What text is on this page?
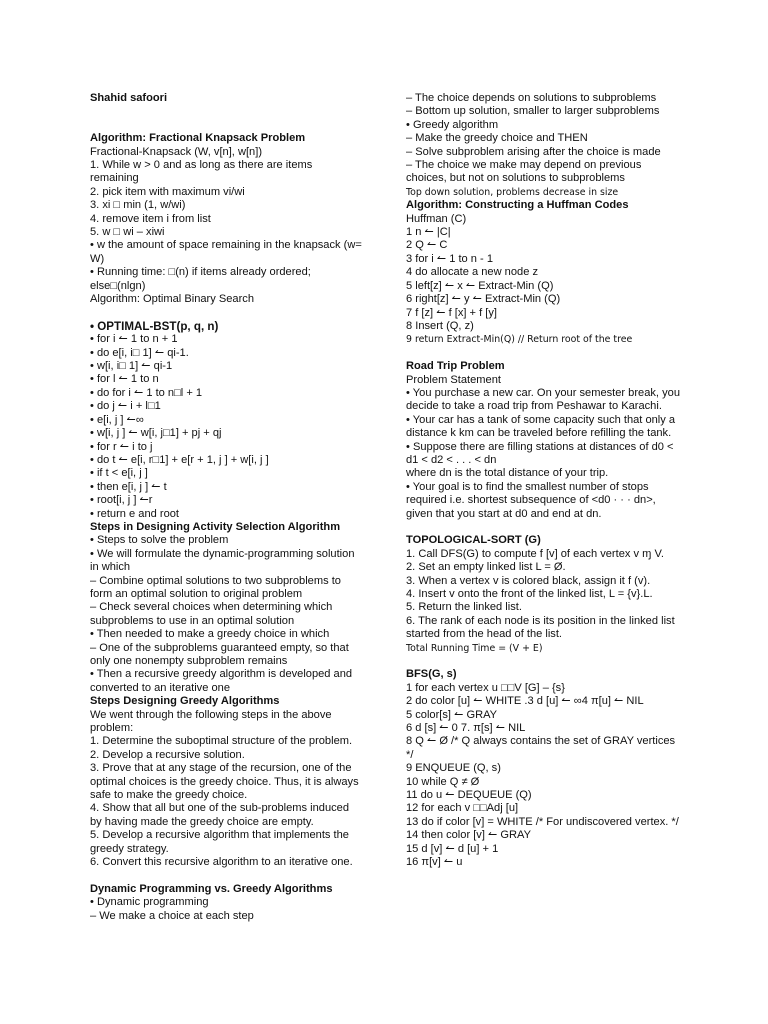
Shahid safoori

Algorithm: Fractional Knapsack Problem

Fractional-Knapsack (W, v[n], w[n])

1. While w > 0 and as long as there are items remaining

2. pick item with maximum vi/wi

3. xi □ min (1, w/wi)

4. remove item i from list

5. w □ wi – xiwi

• w the amount of space remaining in the knapsack (w= W)

• Running time: □(n) if items already ordered; else□(nlgn)

Algorithm: Optimal Binary Search

• OPTIMAL-BST(p, q, n)

• for i ↼ 1 to n + 1

• do e[i, i□ 1] ↼ qi-1.

• w[i, i□ 1] ↼ qi-1

• for l ↼ 1 to n

• do for i ↼ 1 to n□l + 1

• do j ↼ i + l□1

• e[i, j ] ↼∞

• w[i, j ] ↼ w[i, j□1] + pj + qj

• for r ↼ i to j

• do t ↼ e[i, r□1] + e[r + 1, j ] + w[i, j ]

• if t < e[i, j ]

• then e[i, j ] ↼ t

• root[i, j ] ↼r

• return e and root

Steps in Designing Activity Selection Algorithm

• Steps to solve the problem

• We will formulate the dynamic-programming solution in which

– Combine optimal solutions to two subproblems to form an optimal solution to original problem

– Check several choices when determining which subproblems to use in an optimal solution

• Then needed to make a greedy choice in which

– One of the subproblems guaranteed empty, so that only one nonempty subproblem remains

• Then a recursive greedy algorithm is developed and converted to an iterative one

Steps Designing Greedy Algorithms

We went through the following steps in the above problem:

1. Determine the suboptimal structure of the problem.

2. Develop a recursive solution.

3. Prove that at any stage of the recursion, one of the optimal choices is the greedy choice. Thus, it is always safe to make the greedy choice.

4. Show that all but one of the sub-problems induced by having made the greedy choice are empty.

5. Develop a recursive algorithm that implements the greedy strategy.

6. Convert this recursive algorithm to an iterative one.

Dynamic Programming vs. Greedy Algorithms

• Dynamic programming

– We make a choice at each step

– The choice depends on solutions to subproblems

– Bottom up solution, smaller to larger subproblems

• Greedy algorithm

– Make the greedy choice and THEN

– Solve subproblem arising after the choice is made

– The choice we make may depend on previous choices, but not on solutions to subproblems

Top down solution, problems decrease in size

Algorithm: Constructing a Huffman Codes

Huffman (C)

1 n ↼ |C|

2 Q ↼ C

3 for i ↼ 1 to n - 1

4 do allocate a new node z

5 left[z] ↼ x ↼ Extract-Min (Q)

6 right[z] ↼ y ↼ Extract-Min (Q)

7 f [z] ↼ f [x] + f [y]

8 Insert (Q, z)

9 return Extract-Min(Q) // Return root of the tree

Road Trip Problem

Problem Statement

• You purchase a new car. On your semester break, you decide to take a road trip from Peshawar to Karachi.

• Your car has a tank of some capacity such that only a distance k km can be traveled before refilling the tank.

• Suppose there are filling stations at distances of d0 < d1 < d2 < . . . < dn

where dn is the total distance of your trip.

• Your goal is to find the smallest number of stops required i.e. shortest subsequence of <d0 · · · dn>, given that you start at d0 and end at dn.

TOPOLOGICAL-SORT (G)

1. Call DFS(G) to compute f [v] of each vertex v ɱ V.

2. Set an empty linked list L = Ø.

3. When a vertex v is colored black, assign it f (v).

4. Insert v onto the front of the linked list, L = {v}.L.

5. Return the linked list.

6. The rank of each node is its position in the linked list started from the head of the list.

Total Running Time = (V + E)

BFS(G, s)

1 for each vertex u □□V [G] – {s}

2 do color [u] ↼ WHITE .3 d [u] ↼ ∞4 π[u] ↼ NIL

5 color[s] ↼ GRAY

6 d [s] ↼ 0 7. π[s] ↼ NIL

8 Q ↼ Ø /* Q always contains the set of GRAY vertices */

9 ENQUEUE (Q, s)

10 while Q ≠ Ø

11 do u ↼ DEQUEUE (Q)

12 for each v □□Adj [u]

13 do if color [v] = WHITE /* For undiscovered vertex. */

14 then color [v] ↼ GRAY

15 d [v] ↼ d [u] + 1

16 π[v] ↼ u
